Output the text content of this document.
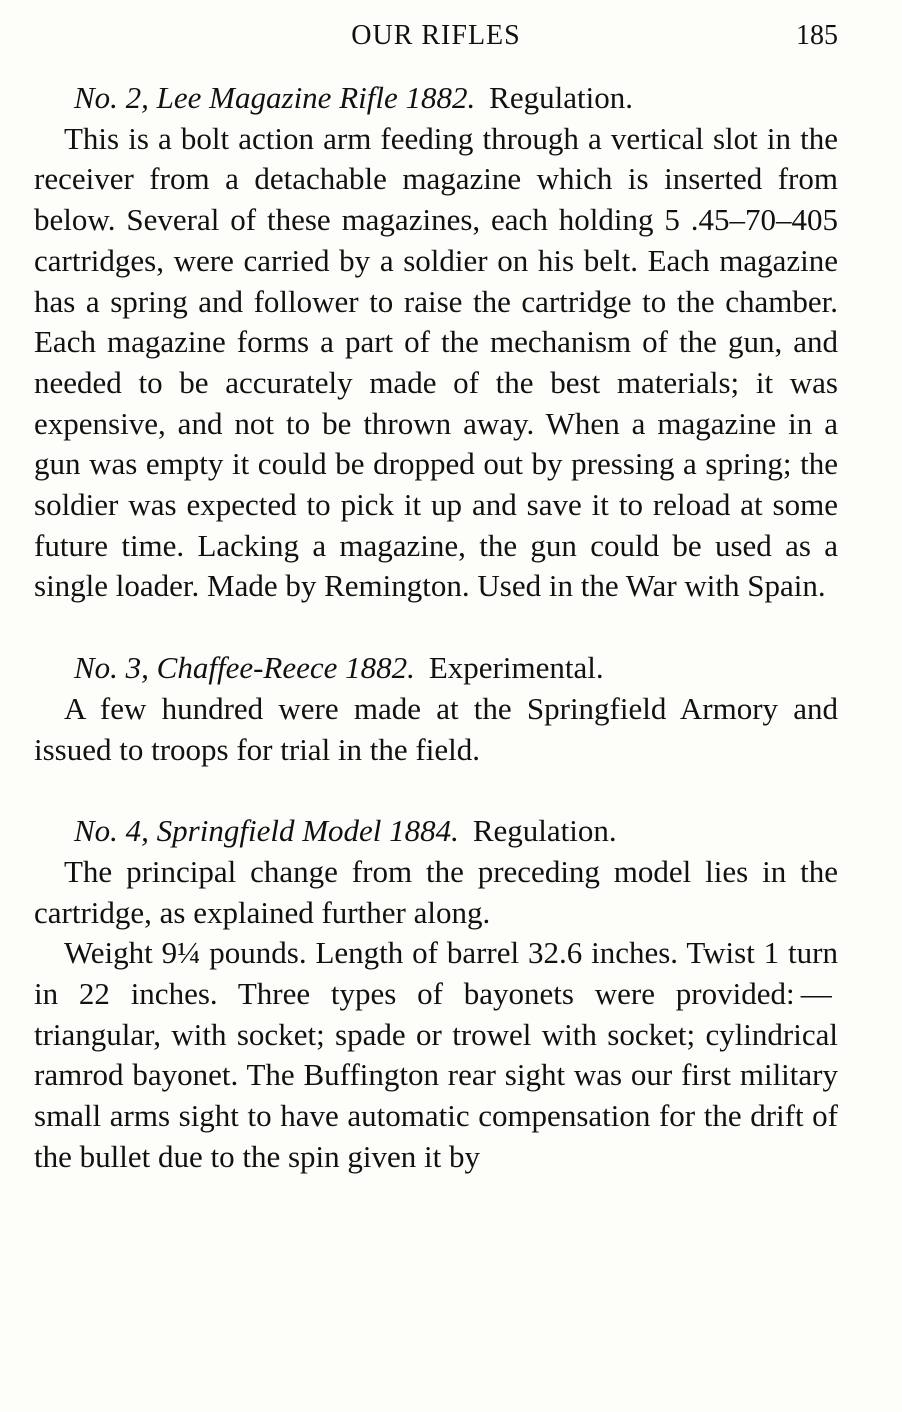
OUR RIFLES	185

No. 2, Lee Magazine Rifle 1882. Regulation.

This is a bolt action arm feeding through a vertical slot in the receiver from a detachable magazine which is inserted from below. Several of these magazines, each holding 5 .45–70–405 cartridges, were carried by a soldier on his belt. Each magazine has a spring and follower to raise the cartridge to the chamber. Each magazine forms a part of the mechanism of the gun, and needed to be accurately made of the best materials; it was expensive, and not to be thrown away. When a magazine in a gun was empty it could be dropped out by pressing a spring; the soldier was expected to pick it up and save it to reload at some future time. Lacking a magazine, the gun could be used as a single loader. Made by Remington. Used in the War with Spain.

No. 3, Chaffee-Reece 1882. Experimental.

A few hundred were made at the Springfield Armory and issued to troops for trial in the field.

No. 4, Springfield Model 1884. Regulation.

The principal change from the preceding model lies in the cartridge, as explained further along.

Weight 9¼ pounds. Length of barrel 32.6 inches. Twist 1 turn in 22 inches. Three types of bayonets were provided: — triangular, with socket; spade or trowel with socket; cylindrical ramrod bayonet. The Buffington rear sight was our first military small arms sight to have automatic compensation for the drift of the bullet due to the spin given it by
